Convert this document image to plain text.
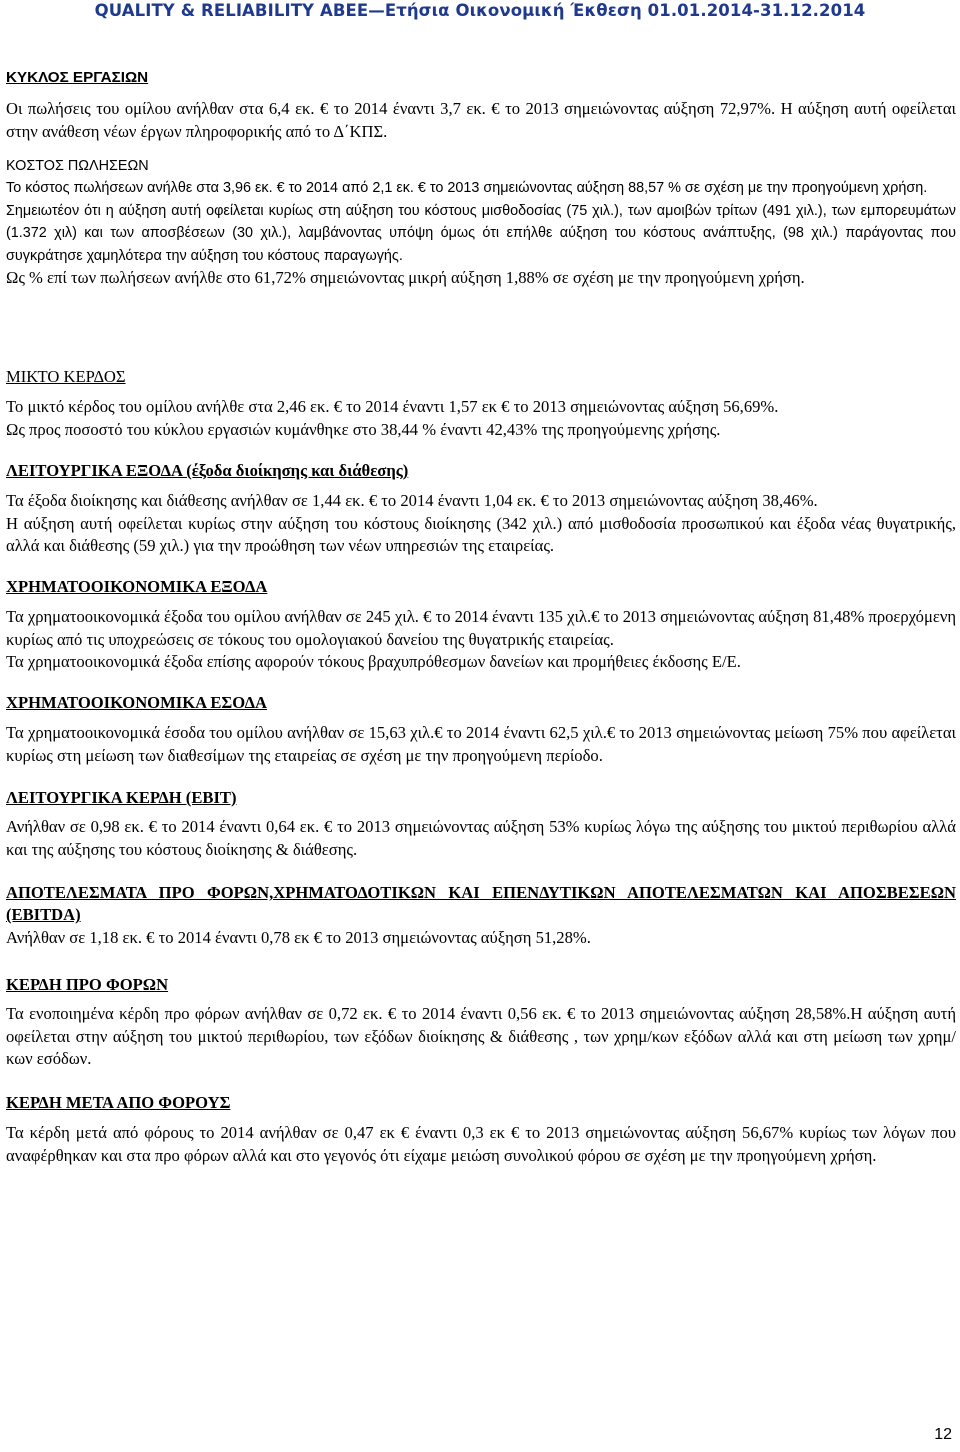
QUALITY & RELIABILITY ABEE—Ετήσια Οικονομική Έκθεση 01.01.2014-31.12.2014
ΚΥΚΛΟΣ ΕΡΓΑΣΙΩΝ
Οι πωλήσεις του ομίλου ανήλθαν στα 6,4 εκ. € το 2014 έναντι 3,7 εκ. € το 2013 σημειώνοντας αύξηση 72,97%. Η αύξηση αυτή οφείλεται στην ανάθεση νέων έργων πληροφορικής από το Δ΄ΚΠΣ.
ΚΟΣΤΟΣ ΠΩΛΗΣΕΩΝ
Το κόστος πωλήσεων ανήλθε στα 3,96 εκ. € το 2014 από 2,1 εκ. € το 2013 σημειώνοντας αύξηση 88,57 % σε σχέση με την προηγούμενη χρήση.
Σημειωτέον ότι η αύξηση αυτή οφείλεται κυρίως στη αύξηση του κόστους μισθοδοσίας (75 χιλ.), των αμοιβών τρίτων (491 χιλ.), των εμπορευμάτων (1.372 χιλ) και των αποσβέσεων (30 χιλ.), λαμβάνοντας υπόψη όμως ότι επήλθε αύξηση του κόστους ανάπτυξης, (98 χιλ.) παράγοντας που συγκράτησε χαμηλότερα την αύξηση του κόστους παραγωγής.
Ως % επί των πωλήσεων ανήλθε στο 61,72% σημειώνοντας μικρή αύξηση 1,88% σε σχέση με την προηγούμενη χρήση.
ΜΙΚΤΟ ΚΕΡΔΟΣ
Το μικτό κέρδος του ομίλου ανήλθε στα 2,46 εκ. € το 2014 έναντι 1,57 εκ € το 2013 σημειώνοντας αύξηση 56,69%.
Ως προς ποσοστό του κύκλου εργασιών κυμάνθηκε στο 38,44 % έναντι 42,43% της προηγούμενης χρήσης.
ΛΕΙΤΟΥΡΓΙΚΑ ΕΞΟΔΑ (έξοδα διοίκησης και διάθεσης)
Τα έξοδα διοίκησης και διάθεσης ανήλθαν σε 1,44 εκ. € το 2014 έναντι 1,04 εκ. € το 2013 σημειώνοντας αύξηση 38,46%.
Η αύξηση αυτή οφείλεται κυρίως στην αύξηση του κόστους διοίκησης (342 χιλ.) από μισθοδοσία προσωπικού και έξοδα νέας θυγατρικής, αλλά και διάθεσης (59 χιλ.) για την προώθηση των νέων υπηρεσιών της εταιρείας.
ΧΡΗΜΑΤΟΟΙΚΟΝΟΜΙΚΑ ΕΞΟΔΑ
Τα χρηματοοικονομικά έξοδα του ομίλου ανήλθαν σε 245 χιλ. € το 2014 έναντι 135 χιλ.€ το 2013 σημειώνοντας αύξηση 81,48% προερχόμενη κυρίως από τις υποχρεώσεις σε τόκους του ομολογιακού δανείου της θυγατρικής εταιρείας.
Τα χρηματοοικονομικά έξοδα επίσης αφορούν τόκους βραχυπρόθεσμων δανείων και προμήθειες έκδοσης Ε/Ε.
ΧΡΗΜΑΤΟΟΙΚΟΝΟΜΙΚΑ ΕΣΟΔΑ
Τα χρηματοοικονομικά έσοδα του ομίλου ανήλθαν σε 15,63 χιλ.€ το 2014 έναντι 62,5 χιλ.€ το 2013 σημειώνοντας μείωση 75% που αφείλεται κυρίως στη μείωση των διαθεσίμων της εταιρείας σε σχέση με την προηγούμενη περίοδο.
ΛΕΙΤΟΥΡΓΙΚΑ ΚΕΡΔΗ (EBIT)
Ανήλθαν σε 0,98 εκ. € το 2014 έναντι 0,64 εκ. € το 2013 σημειώνοντας αύξηση 53% κυρίως λόγω της αύξησης του μικτού περιθωρίου αλλά και της αύξησης του κόστους διοίκησης & διάθεσης.
ΑΠΟΤΕΛΕΣΜΑΤΑ ΠΡΟ ΦΟΡΩΝ,ΧΡΗΜΑΤΟΔΟΤΙΚΩΝ ΚΑΙ ΕΠΕΝΔΥΤΙΚΩΝ ΑΠΟΤΕΛΕΣΜΑΤΩΝ ΚΑΙ ΑΠΟΣΒΕΣΕΩΝ (EBITDA)
Ανήλθαν σε 1,18 εκ. € το 2014 έναντι 0,78 εκ € το 2013 σημειώνοντας αύξηση 51,28%.
ΚΕΡΔΗ ΠΡΟ ΦΟΡΩΝ
Τα ενοποιημένα κέρδη προ φόρων ανήλθαν σε 0,72 εκ. € το 2014 έναντι 0,56 εκ. € το 2013 σημειώνοντας αύξηση 28,58%.Η αύξηση αυτή οφείλεται στην αύξηση του μικτού περιθωρίου, των εξόδων διοίκησης & διάθεσης , των χρημ/κων εξόδων αλλά και στη μείωση των χρημ/κων εσόδων.
ΚΕΡΔΗ ΜΕΤΑ ΑΠΟ ΦΟΡΟΥΣ
Τα κέρδη μετά από φόρους το 2014 ανήλθαν σε 0,47 εκ € έναντι 0,3 εκ € το 2013 σημειώνοντας αύξηση 56,67% κυρίως των λόγων που αναφέρθηκαν και στα προ φόρων αλλά και στο γεγονός ότι είχαμε μειώση συνολικού φόρου σε σχέση με την προηγούμενη χρήση.
12
